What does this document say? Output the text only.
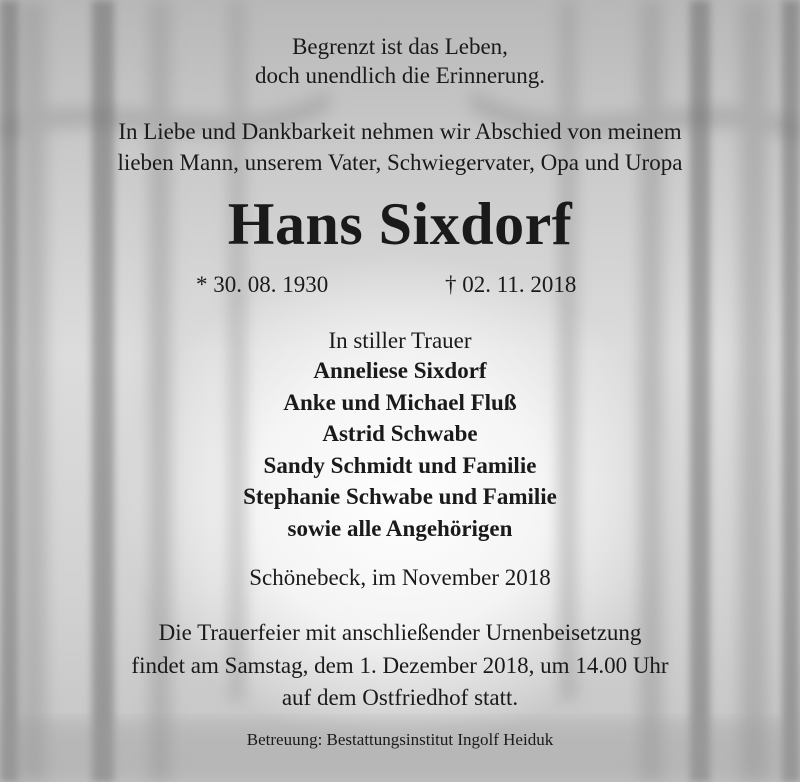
Begrenzt ist das Leben,
doch unendlich die Erinnerung.
In Liebe und Dankbarkeit nehmen wir Abschied von meinem
lieben Mann, unserem Vater, Schwiegervater, Opa und Uropa
Hans Sixdorf
* 30. 08. 1930	† 02. 11. 2018
In stiller Trauer
Anneliese Sixdorf
Anke und Michael Fluß
Astrid Schwabe
Sandy Schmidt und Familie
Stephanie Schwabe und Familie
sowie alle Angehörigen
Schönebeck, im November 2018
Die Trauerfeier mit anschließender Urnenbeisetzung
findet am Samstag, dem 1. Dezember 2018, um 14.00 Uhr
auf dem Ostfriedhof statt.
Betreuung: Bestattungsinstitut Ingolf Heiduk
